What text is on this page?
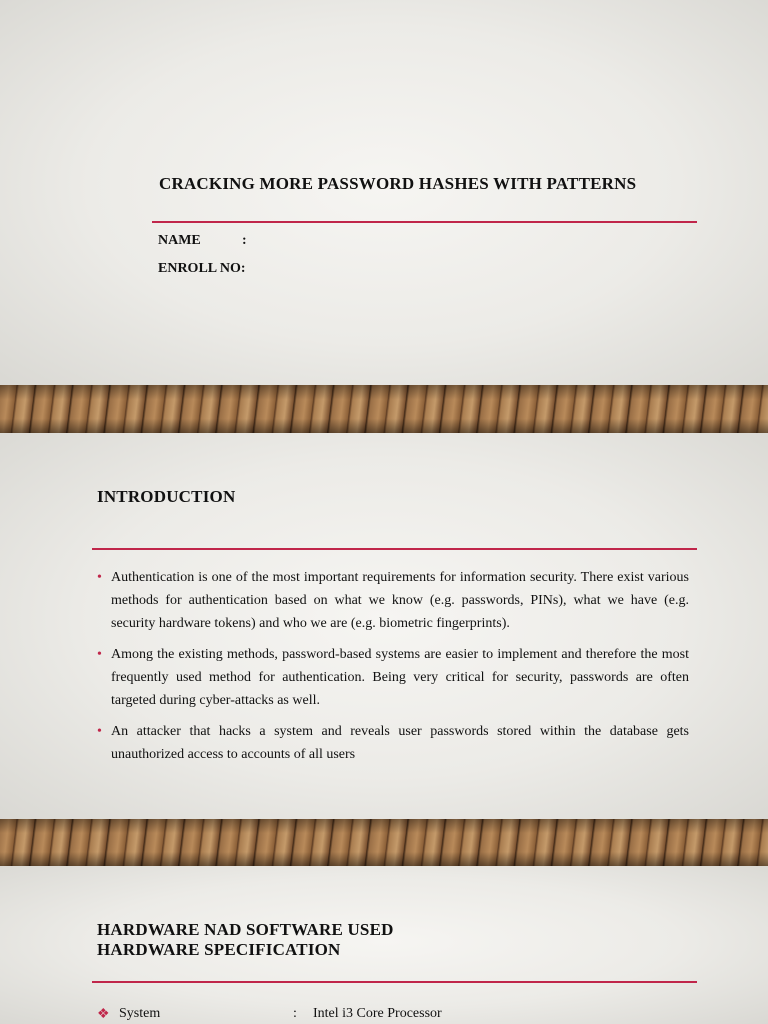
CRACKING MORE PASSWORD HASHES WITH PATTERNS
NAME	:
ENROLL NO:
INTRODUCTION
• Authentication is one of the most important requirements for information security. There exist various methods for authentication based on what we know (e.g. passwords, PINs), what we have (e.g. security hardware tokens) and who we are (e.g. biometric fingerprints).
• Among the existing methods, password-based systems are easier to implement and therefore the most frequently used method for authentication. Being very critical for security, passwords are often targeted during cyber-attacks as well.
• An attacker that hacks a system and reveals user passwords stored within the database gets unauthorized access to accounts of all users
HARDWARE NAD SOFTWARE USED
HARDWARE SPECIFICATION
❖ System	: Intel i3 Core Processor
